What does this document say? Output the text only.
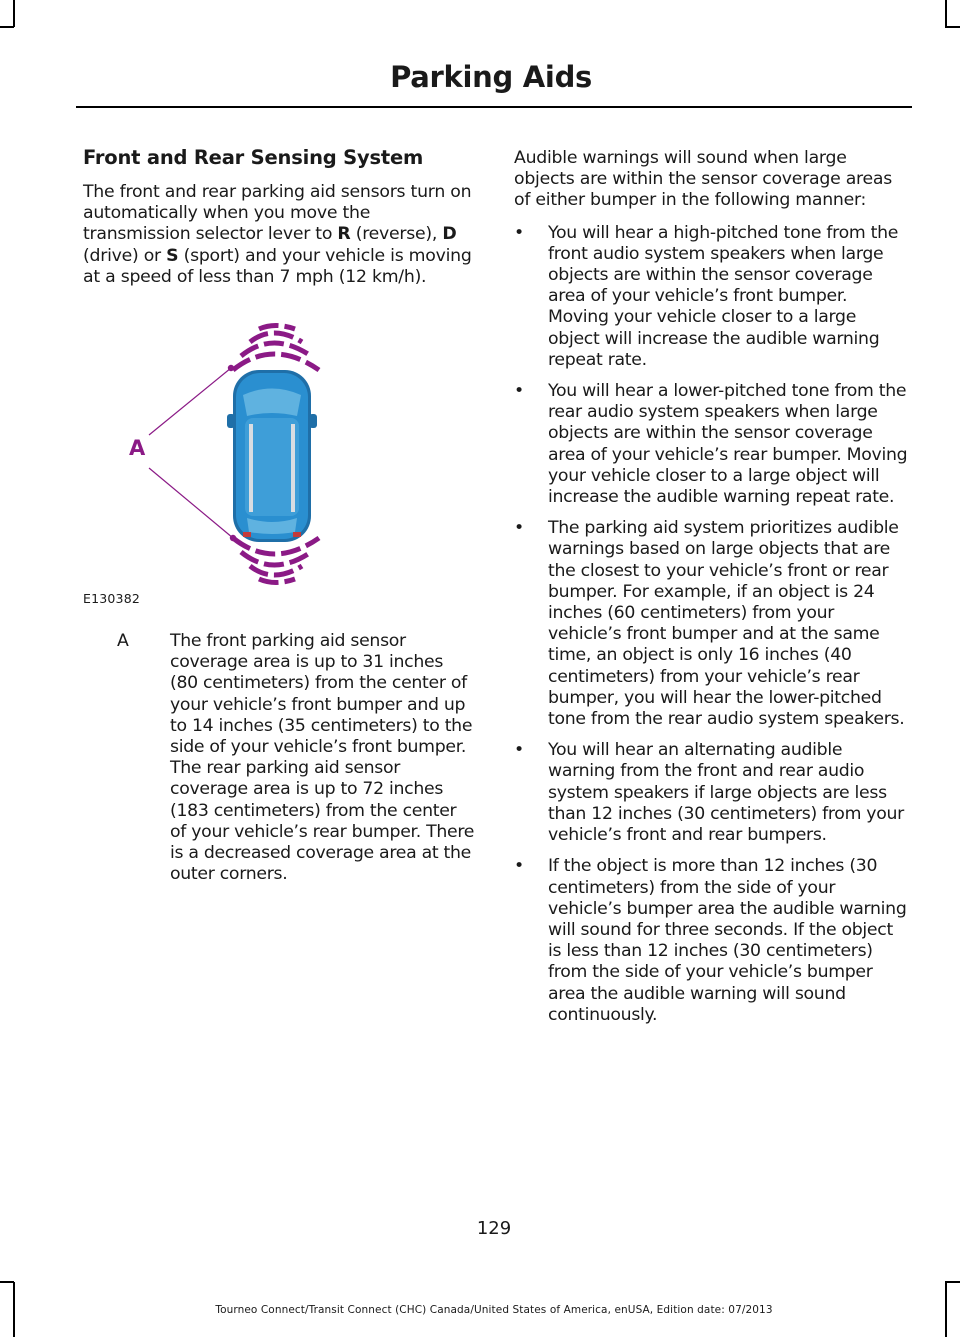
Parking Aids
Front and Rear Sensing System

The front and rear parking aid sensors turn on automatically when you move the transmission selector lever to R (reverse), D (drive) or S (sport) and your vehicle is moving at a speed of less than 7 mph (12 km/h).

A
E130382
A The front parking aid sensor coverage area is up to 31 inches (80 centimeters) from the center of your vehicle’s front bumper and up to 14 inches (35 centimeters) to the side of your vehicle’s front bumper. The rear parking aid sensor coverage area is up to 72 inches (183 centimeters) from the center of your vehicle’s rear bumper. There is a decreased coverage area at the outer corners.

Audible warnings will sound when large objects are within the sensor coverage areas of either bumper in the following manner:

• You will hear a high-pitched tone from the front audio system speakers when large objects are within the sensor coverage area of your vehicle’s front bumper. Moving your vehicle closer to a large object will increase the audible warning repeat rate.
• You will hear a lower-pitched tone from the rear audio system speakers when large objects are within the sensor coverage area of your vehicle’s rear bumper. Moving your vehicle closer to a large object will increase the audible warning repeat rate.
• The parking aid system prioritizes audible warnings based on large objects that are the closest to your vehicle’s front or rear bumper. For example, if an object is 24 inches (60 centimeters) from your vehicle’s front bumper and at the same time, an object is only 16 inches (40 centimeters) from your vehicle’s rear bumper, you will hear the lower-pitched tone from the rear audio system speakers.
• You will hear an alternating audible warning from the front and rear audio system speakers if large objects are less than 12 inches (30 centimeters) from your vehicle’s front and rear bumpers.
• If the object is more than 12 inches (30 centimeters) from the side of your vehicle’s bumper area the audible warning will sound for three seconds. If the object is less than 12 inches (30 centimeters) from the side of your vehicle’s bumper area the audible warning will sound continuously.
129
Tourneo Connect/Transit Connect (CHC) Canada/United States of America, enUSA, Edition date: 07/2013
